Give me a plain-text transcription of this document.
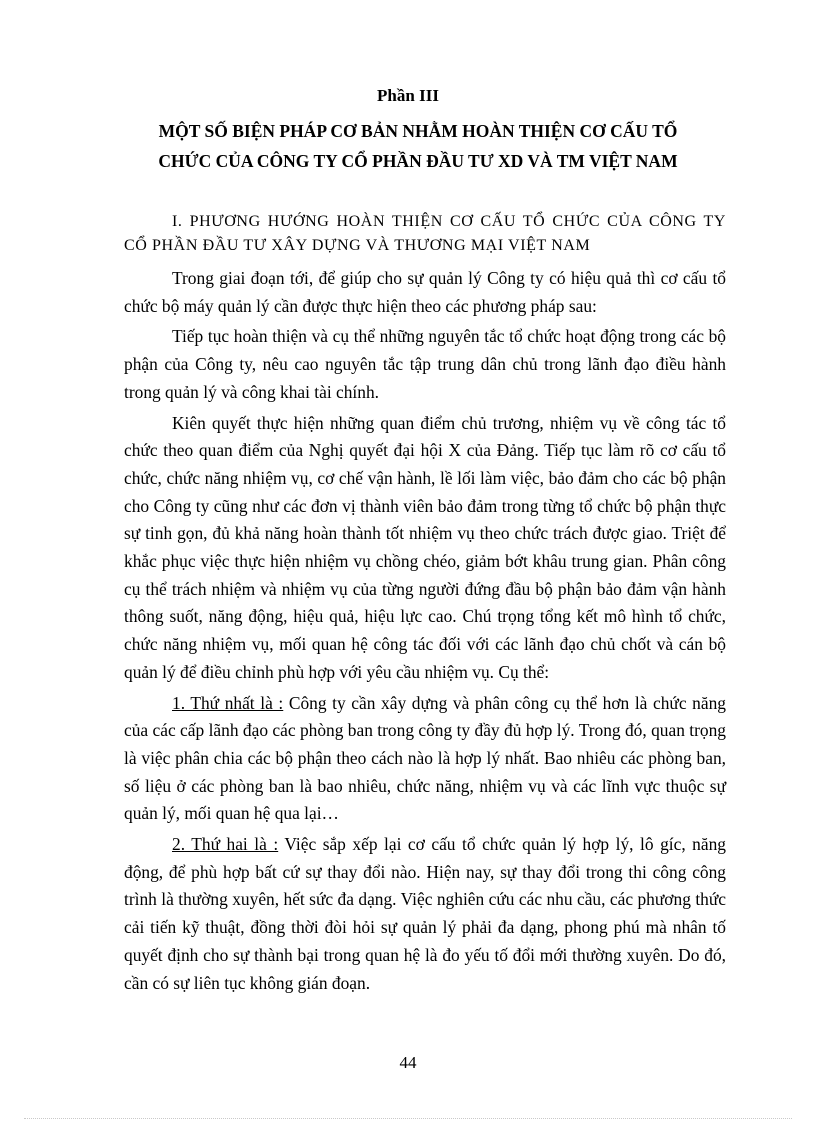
Phần III
MỘT SỐ BIỆN PHÁP CƠ BẢN NHẰM HOÀN THIỆN CƠ CẤU TỔ
CHỨC CỦA CÔNG TY CỔ PHẦN ĐẦU TƯ XD VÀ TM VIỆT NAM
I. PHƯƠNG HƯỚNG HOÀN THIỆN CƠ CẤU TỔ CHỨC CỦA CÔNG TY CỔ PHẦN ĐẦU TƯ XÂY DỰNG VÀ THƯƠNG MẠI VIỆT NAM

Trong giai đoạn tới, để giúp cho sự quản lý Công ty có hiệu quả thì cơ cấu tổ chức bộ máy quản lý cần được thực hiện theo các phương pháp sau:

Tiếp tục hoàn thiện và cụ thể những nguyên tắc tổ chức hoạt động trong các bộ phận của Công ty, nêu cao nguyên tắc tập trung dân chủ trong lãnh đạo điều hành trong quản lý và công khai tài chính.

Kiên quyết thực hiện những quan điểm chủ trương, nhiệm vụ về công tác tổ chức theo quan điểm của Nghị quyết đại hội X của Đảng. Tiếp tục làm rõ cơ cấu tổ chức, chức năng nhiệm vụ, cơ chế vận hành, lề lối làm việc, bảo đảm cho các bộ phận cho Công ty cũng như các đơn vị thành viên bảo đảm trong từng tổ chức bộ phận thực sự tinh gọn, đủ khả năng hoàn thành tốt nhiệm vụ theo chức trách được giao. Triệt để khắc phục việc thực hiện nhiệm vụ chồng chéo, giảm bớt khâu trung gian. Phân công cụ thể trách nhiệm và nhiệm vụ của từng người đứng đầu bộ phận bảo đảm vận hành thông suốt, năng động, hiệu quả, hiệu lực cao. Chú trọng tổng kết mô hình tổ chức, chức năng nhiệm vụ, mối quan hệ công tác đối với các lãnh đạo chủ chốt và cán bộ quản lý để điều chỉnh phù hợp với yêu cầu nhiệm vụ. Cụ thể:

1. Thứ nhất là : Công ty cần xây dựng và phân công cụ thể hơn là chức năng của các cấp lãnh đạo các phòng ban trong công ty đầy đủ hợp lý. Trong đó, quan trọng là việc phân chia các bộ phận theo cách nào là hợp lý nhất. Bao nhiêu các phòng ban, số liệu ở các phòng ban là bao nhiêu, chức năng, nhiệm vụ và các lĩnh vực thuộc sự quản lý, mối quan hệ qua lại…

2. Thứ hai là : Việc sắp xếp lại cơ cấu tổ chức quản lý hợp lý, lô gíc, năng động, để phù hợp bất cứ sự thay đổi nào. Hiện nay, sự thay đổi trong thi công công trình là thường xuyên, hết sức đa dạng. Việc nghiên cứu các nhu cầu, các phương thức cải tiến kỹ thuật, đồng thời đòi hỏi sự quản lý phải đa dạng, phong phú mà nhân tố quyết định cho sự thành bại trong quan hệ là đo yếu tố đổi mới thường xuyên. Do đó, cần có sự liên tục không gián đoạn.

44
